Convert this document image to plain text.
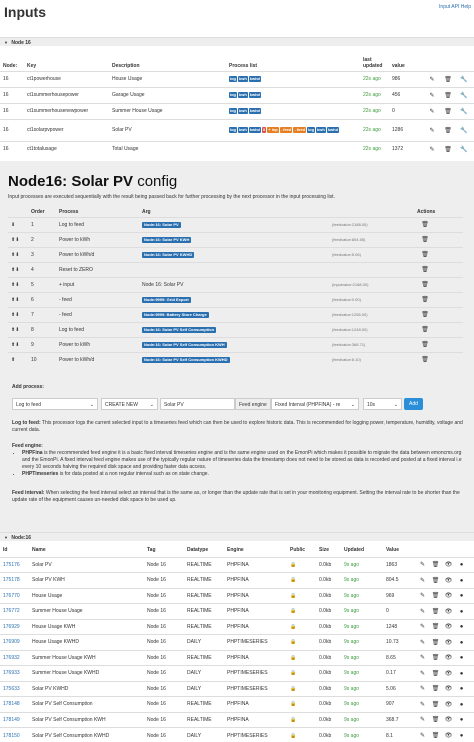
Inputs	Input API Help
▼ Node 16
Node:	Key	Description	Process list	last updated	value	
16	ct1powerhouse	House Usage	log kwh kwhd	22s ago	986	✎ 🗑 🔧
16	ct1summerhousepower	Garage Usage	log kwh kwhd	22s ago	456	✎ 🗑 🔧
16	ct1summerhousenewpower	Summer House Usage	log kwh kwhd	22s ago	0	✎ 🗑 🔧
16	ct1solarpvpower	Solar PV	log kwh kwhd 0 + inp - feed - feed log kwh kwhd	22s ago	1286	✎ 🗑 🔧
16	ct1totalusage	Total Usage		22s ago	1372	✎ 🗑 🔧
Node16: Solar PV config
Input processes are executed sequentially with the result being passed back for further processing by the next processor in the input processing list.
	Order	Process	Arg		Actions
⬇	1	Log to feed	Node:16: Solar PV	(feedvalue:2188.00)	🗑
⬆⬇	2	Power to kWh	Node:16: Solar PV KWH	(feedvalue:804.55)	🗑
⬆⬇	3	Power to kWh/d	Node:16: Solar PV KWHD	(feedvalue:5.06)	🗑
⬆⬇	4	Reset to ZERO			🗑
⬆⬇	5	+ input	Node 16: Solar PV	(inputvalue:2188.00)	🗑
⬆⬇	6	- feed	Node:9999: Grid Export	(feedvalue:0.00)	🗑
⬆⬇	7	- feed	Node:9999: Battery Store Charge	(feedvalue:1256.00)	🗑
⬆⬇	8	Log to feed	Node:16: Solar PV Self Consumption	(feedvalue:1248.00)	🗑
⬆⬇	9	Power to kWh	Node:16: Solar PV Self Consumption KWH	(feedvalue:368.71)	🗑
⬆	10	Power to kWh/d	Node:16: Solar PV Self Consumption KWHD	(feedvalue:8.10)	🗑
Add process:
Log to feed	⌄	CREATE NEW ⌄	Solar PV	Feed engine	Fixed Interval (PHPFINA) - re ⌄	10s	⌄	Add
Log to feed: This processor logs the current selected input to a timeseries feed which can then be used to explore historic data. This is recommended for logging power, temperature, humidity, voltage and current data.
Feed engine:
• PHPFina is the recommended feed engine it is a basic fixed interval timeseries engine and is the same engine used on the EmonPi which makes it possible to migrate the data between emoncms.org and the EmonPi. A fixed interval feed engine makes use of the typically regular nature of timeseries data the timestamp does not need to be stored as data is recorded and posted at a fixed interval i.e every 10 seconds halving the required disk space and providing faster data access.
• PHPTimeseries is for data posted at a non regular interval such as on state change.
Feed interval: When selecting the feed interval select an interval that is the same as, or longer than the update rate that is set in your monitoring equipment. Setting the interval rate to be shorter than the update rate of the equipment causes un-needed disk space to be used up.
▼ Node:16
Id	Name	Tag	Datatype	Engine	Public	Size	Updated	Value	
175176	Solar PV	Node 16	REALTIME	PHPFINA	🔒	0.0kb	9s ago	1863	✎ 🗑 👁 ●
175178	Solar PV KWH	Node 16	REALTIME	PHPFINA	🔒	0.0kb	9s ago	804.5	✎ 🗑 👁 ●
176770	House Usage	Node 16	REALTIME	PHPFINA	🔒	0.0kb	9s ago	969	✎ 🗑 👁 ●
176772	Summer House Usage	Node 16	REALTIME	PHPFINA	🔒	0.0kb	9s ago	0	✎ 🗑 👁 ●
176929	House Usage KWH	Node 16	REALTIME	PHPFINA	🔒	0.0kb	9s ago	1248	✎ 🗑 👁 ●
176909	House Usage KWHD	Node 16	DAILY	PHPTIMESERIES	🔒	0.0kb	9s ago	10.73	✎ 🗑 👁 ●
176932	Summer House Usage KWH	Node 16	REALTIME	PHPFINA	🔒	0.0kb	9s ago	8.65	✎ 🗑 👁 ●
176933	Summer House Usage KWHD	Node 16	DAILY	PHPTIMESERIES	🔒	0.0kb	9s ago	0.17	✎ 🗑 👁 ●
175633	Solar PV KWHD	Node 16	DAILY	PHPTIMESERIES	🔒	0.0kb	9s ago	5.06	✎ 🗑 👁 ●
178148	Solar PV Self Consumption	Node 16	REALTIME	PHPFINA	🔒	0.0kb	9s ago	907	✎ 🗑 👁 ●
178149	Solar PV Self Consumption KWH	Node 16	REALTIME	PHPFINA	🔒	0.0kb	9s ago	368.7	✎ 🗑 👁 ●
178150	Solar PV Self Consumption KWHD	Node 16	DAILY	PHPTIMESERIES	🔒	0.0kb	9s ago	8.1	✎ 🗑 👁 ●
